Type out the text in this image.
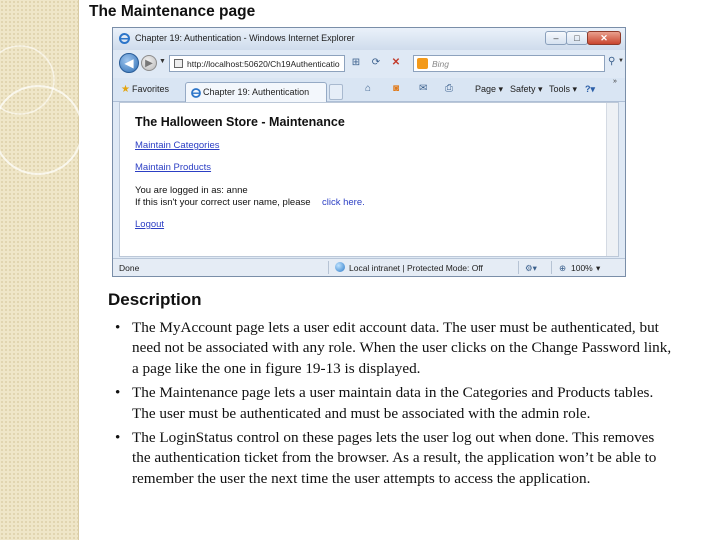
The Maintenance page
Chapter 19: Authentication - Windows Internet Explorer	–	□	✕
◀	▶ ▼ http://localhost:50620/Ch19Authenticatio ⊞ ⟳ ✕	Bing	⚲ ▼
★ Favorites	Chapter 19: Authentication	⌂ ◙ ✉ ⎙ Page ▾ Safety ▾ Tools ▾ ?▾
»
The Halloween Store - Maintenance
Maintain Categories
Maintain Products
You are logged in as: anne
If this isn't your correct user name, please click here.
Logout
Done	Local intranet | Protected Mode: Off	⚙▾	⊕ 100% ▾
Description
• The MyAccount page lets a user edit account data. The user must be authenticated, but need not be associated with any role. When the user clicks on the Change Password link, a page like the one in figure 19-13 is displayed.
• The Maintenance page lets a user maintain data in the Categories and Products tables. The user must be authenticated and must be associated with the admin role.
• The LoginStatus control on these pages lets the user log out when done. This removes the authentication ticket from the browser. As a result, the application won’t be able to remember the user the next time the user attempts to access the application.
